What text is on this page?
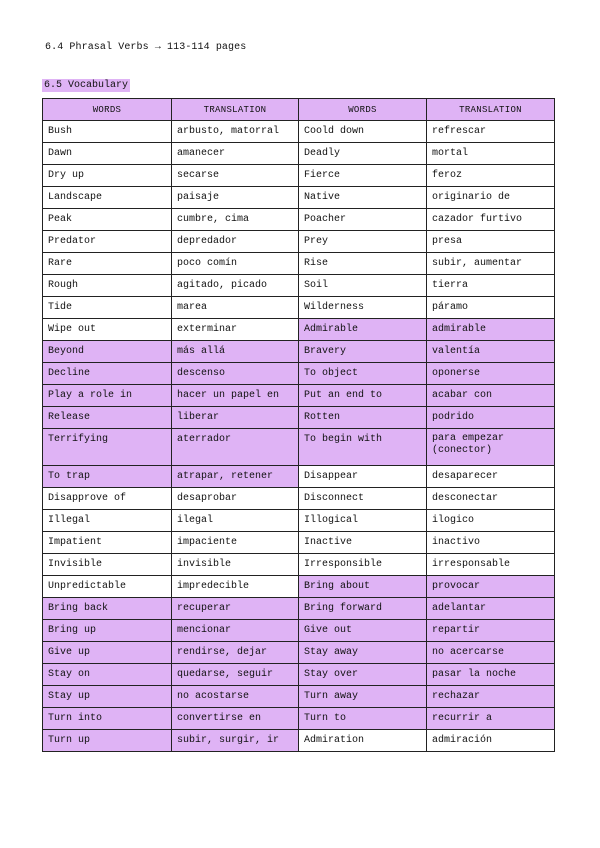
6.4 Phrasal Verbs → 113-114 pages
6.5 Vocabulary
WORDS	TRANSLATION	WORDS	TRANSLATION
Bush	arbusto, matorral	Coold down	refrescar
Dawn	amanecer	Deadly	mortal
Dry up	secarse	Fierce	feroz
Landscape	paisaje	Native	originario de
Peak	cumbre, cima	Poacher	cazador furtivo
Predator	depredador	Prey	presa
Rare	poco comín	Rise	subir, aumentar
Rough	agitado, picado	Soil	tierra
Tide	marea	Wilderness	páramo
Wipe out	exterminar	Admirable	admirable
Beyond	más allá	Bravery	valentía
Decline	descenso	To object	oponerse
Play a role in	hacer un papel en	Put an end to	acabar con
Release	liberar	Rotten	podrido
Terrifying	aterrador	To begin with	para empezar (conector)
To trap	atrapar, retener	Disappear	desaparecer
Disapprove of	desaprobar	Disconnect	desconectar
Illegal	ilegal	Illogical	ilogico
Impatient	impaciente	Inactive	inactivo
Invisible	invisible	Irresponsible	irresponsable
Unpredictable	impredecible	Bring about	provocar
Bring back	recuperar	Bring forward	adelantar
Bring up	mencionar	Give out	repartir
Give up	rendirse, dejar	Stay away	no acercarse
Stay on	quedarse, seguir	Stay over	pasar la noche
Stay up	no acostarse	Turn away	rechazar
Turn into	convertirse en	Turn to	recurrir a
Turn up	subir, surgir, ir	Admiration	admiración
